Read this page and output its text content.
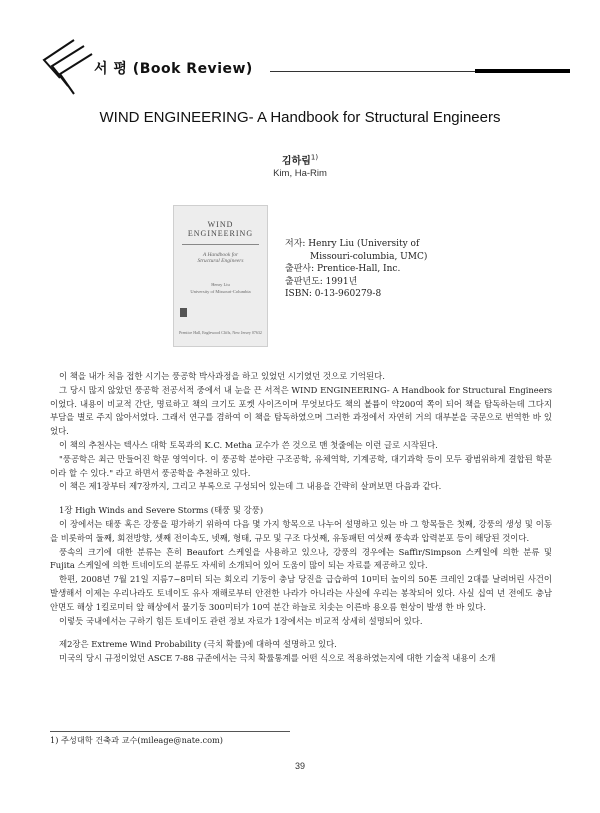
서 평 (Book Review)
WIND ENGINEERING- A Handbook for Structural Engineers
김하림$^{1)}$
Kim, Ha-Rim
WIND
ENGINEERING
A Handbook for
Structural Engineers
Henry Liu
University of Missouri-Columbia
Prentice Hall, Englewood Cliffs, New Jersey 07632
저자: Henry Liu (University of
Missouri-columbia, UMC)
출판사: Prentice-Hall, Inc.
출판년도: 1991년
ISBN: 0-13-960279-8

이 책을 내가 처음 접한 시기는 풍공학 박사과정을 하고 있었던 시기였던 것으로 기억된다.

그 당시 많지 않았던 풍공학 전공서적 중에서 내 눈을 끈 서적은 WIND ENGINEERING- A Handbook for Structural Engineers 이었다. 내용이 비교적 간단, 명료하고 책의 크기도 포켓 사이즈이며 무엇보다도 책의 볼륨이 약200여 쪽이 되어 책을 탐독하는데 그다지 부담을 별로 주지 않아서였다. 그래서 연구를 겸하여 이 책을 탐독하였으며 그러한 과정에서 자연히 거의 대부분을 국문으로 번역한 바 있었다.

이 책의 추천사는 텍사스 대학 토목과의 K.C. Metha 교수가 쓴 것으로 맨 첫줄에는 이런 글로 시작된다.

"풍공학은 최근 만들어진 학문 영역이다. 이 풍공학 분야란 구조공학, 유체역학, 기계공학, 대기과학 등이 모두 광범위하게 결합된 학문이라 할 수 있다." 라고 하면서 풍공학을 추천하고 있다.

이 책은 제1장부터 제7장까지, 그리고 부록으로 구성되어 있는데 그 내용을 간략히 살펴보면 다음과 같다.

1장 High Winds and Severe Storms (태풍 및 강풍)

이 장에서는 태풍 혹은 강풍을 평가하기 위하여 다음 몇 가지 항목으로 나누어 설명하고 있는 바 그 항목들은 첫째, 강풍의 생성 및 이동을 비롯하여 둘째, 회전방향, 셋째 전이속도, 넷째, 형태, 규모 및 구조 다섯째, 유동패턴 여섯째 풍속과 압력분포 등이 해당된 것이다.

풍속의 크기에 대한 분류는 흔히 Beaufort 스케일을 사용하고 있으나, 강풍의 경우에는 Saffir/Simpson 스케일에 의한 분류 및 Fujita 스케일에 의한 트네이도의 분류도 자세히 소개되어 있어 도움이 많이 되는 자료를 제공하고 있다.

한편, 2008년 7월 21일 지름7~8미터 되는 회오리 기둥이 충남 당진을 급습하여 10미터 높이의 50톤 크레인 2대를 날려버린 사건이 발생해서 이제는 우리나라도 토네이도 유사 재해로부터 안전한 나라가 아니라는 사실에 우리는 봉착되어 있다. 사실 십여 년 전에도 충남 안면도 해상 1킬로미터 앞 해상에서 물기둥 300미터가 10여 분간 하늘로 치솟는 이른바 용오름 현상이 발생 한 바 있다.

이렇듯 국내에서는 구하기 힘든 토네이도 관련 정보 자료가 1장에서는 비교적 상세히 설명되어 있다.

제2장은 Extreme Wind Probability (극치 확률)에 대하여 설명하고 있다.

미국의 당시 규정이었던 ASCE 7-88 규준에서는 극치 확률통계를 어떤 식으로 적용하였는지에 대한 기술적 내용이 소개

1) 주성대학 건축과 교수(mileage@nate.com)
39
